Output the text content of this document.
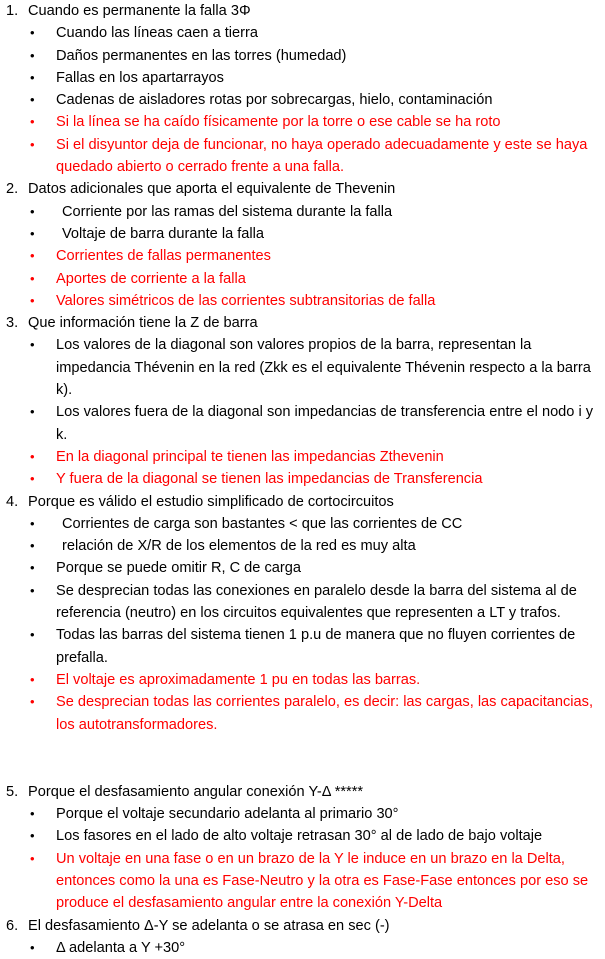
1. Cuando es permanente la falla 3Φ
• Cuando las líneas caen a tierra
• Daños permanentes en las torres (humedad)
• Fallas en los apartarrayos
• Cadenas de aisladores rotas por sobrecargas, hielo, contaminación
• Si la línea se ha caído físicamente por la torre o ese cable se ha roto
• Si el disyuntor deja de funcionar, no haya operado adecuadamente y este se haya quedado abierto o cerrado frente a una falla.
2. Datos adicionales que aporta el equivalente de Thevenin
• Corriente por las ramas del sistema durante la falla
• Voltaje de barra durante la falla
• Corrientes de fallas permanentes
• Aportes de corriente a la falla
• Valores simétricos de las corrientes subtransitorias de falla
3. Que información tiene la Z de barra
• Los valores de la diagonal son valores propios de la barra, representan la impedancia Thévenin en la red (Zkk es el equivalente Thévenin respecto a la barra k).
• Los valores fuera de la diagonal son impedancias de transferencia entre el nodo i y k.
• En la diagonal principal te tienen las impedancias Zthevenin
• Y fuera de la diagonal se tienen las impedancias de Transferencia
4. Porque es válido el estudio simplificado de cortocircuitos
• Corrientes de carga son bastantes < que las corrientes de CC
• relación de X/R de los elementos de la red es muy alta
• Porque se puede omitir R, C de carga
• Se desprecian todas las conexiones en paralelo desde la barra del sistema al de referencia (neutro) en los circuitos equivalentes que representen a LT y trafos.
• Todas las barras del sistema tienen 1 p.u de manera que no fluyen corrientes de prefalla.
• El voltaje es aproximadamente 1 pu en todas las barras.
• Se desprecian todas las corrientes paralelo, es decir: las cargas, las capacitancias, los autotransformadores.
5. Porque el desfasamiento angular conexión Y-Δ *****
• Porque el voltaje secundario adelanta al primario 30°
• Los fasores en el lado de alto voltaje retrasan 30° al de lado de bajo voltaje
• Un voltaje en una fase o en un brazo de la Y le induce en un brazo en la Delta, entonces como la una es Fase-Neutro y la otra es Fase-Fase entonces por eso se produce el desfasamiento angular entre la conexión Y-Delta
6. El desfasamiento Δ-Y se adelanta o se atrasa en sec (-)
• Δ adelanta a Y +30°
